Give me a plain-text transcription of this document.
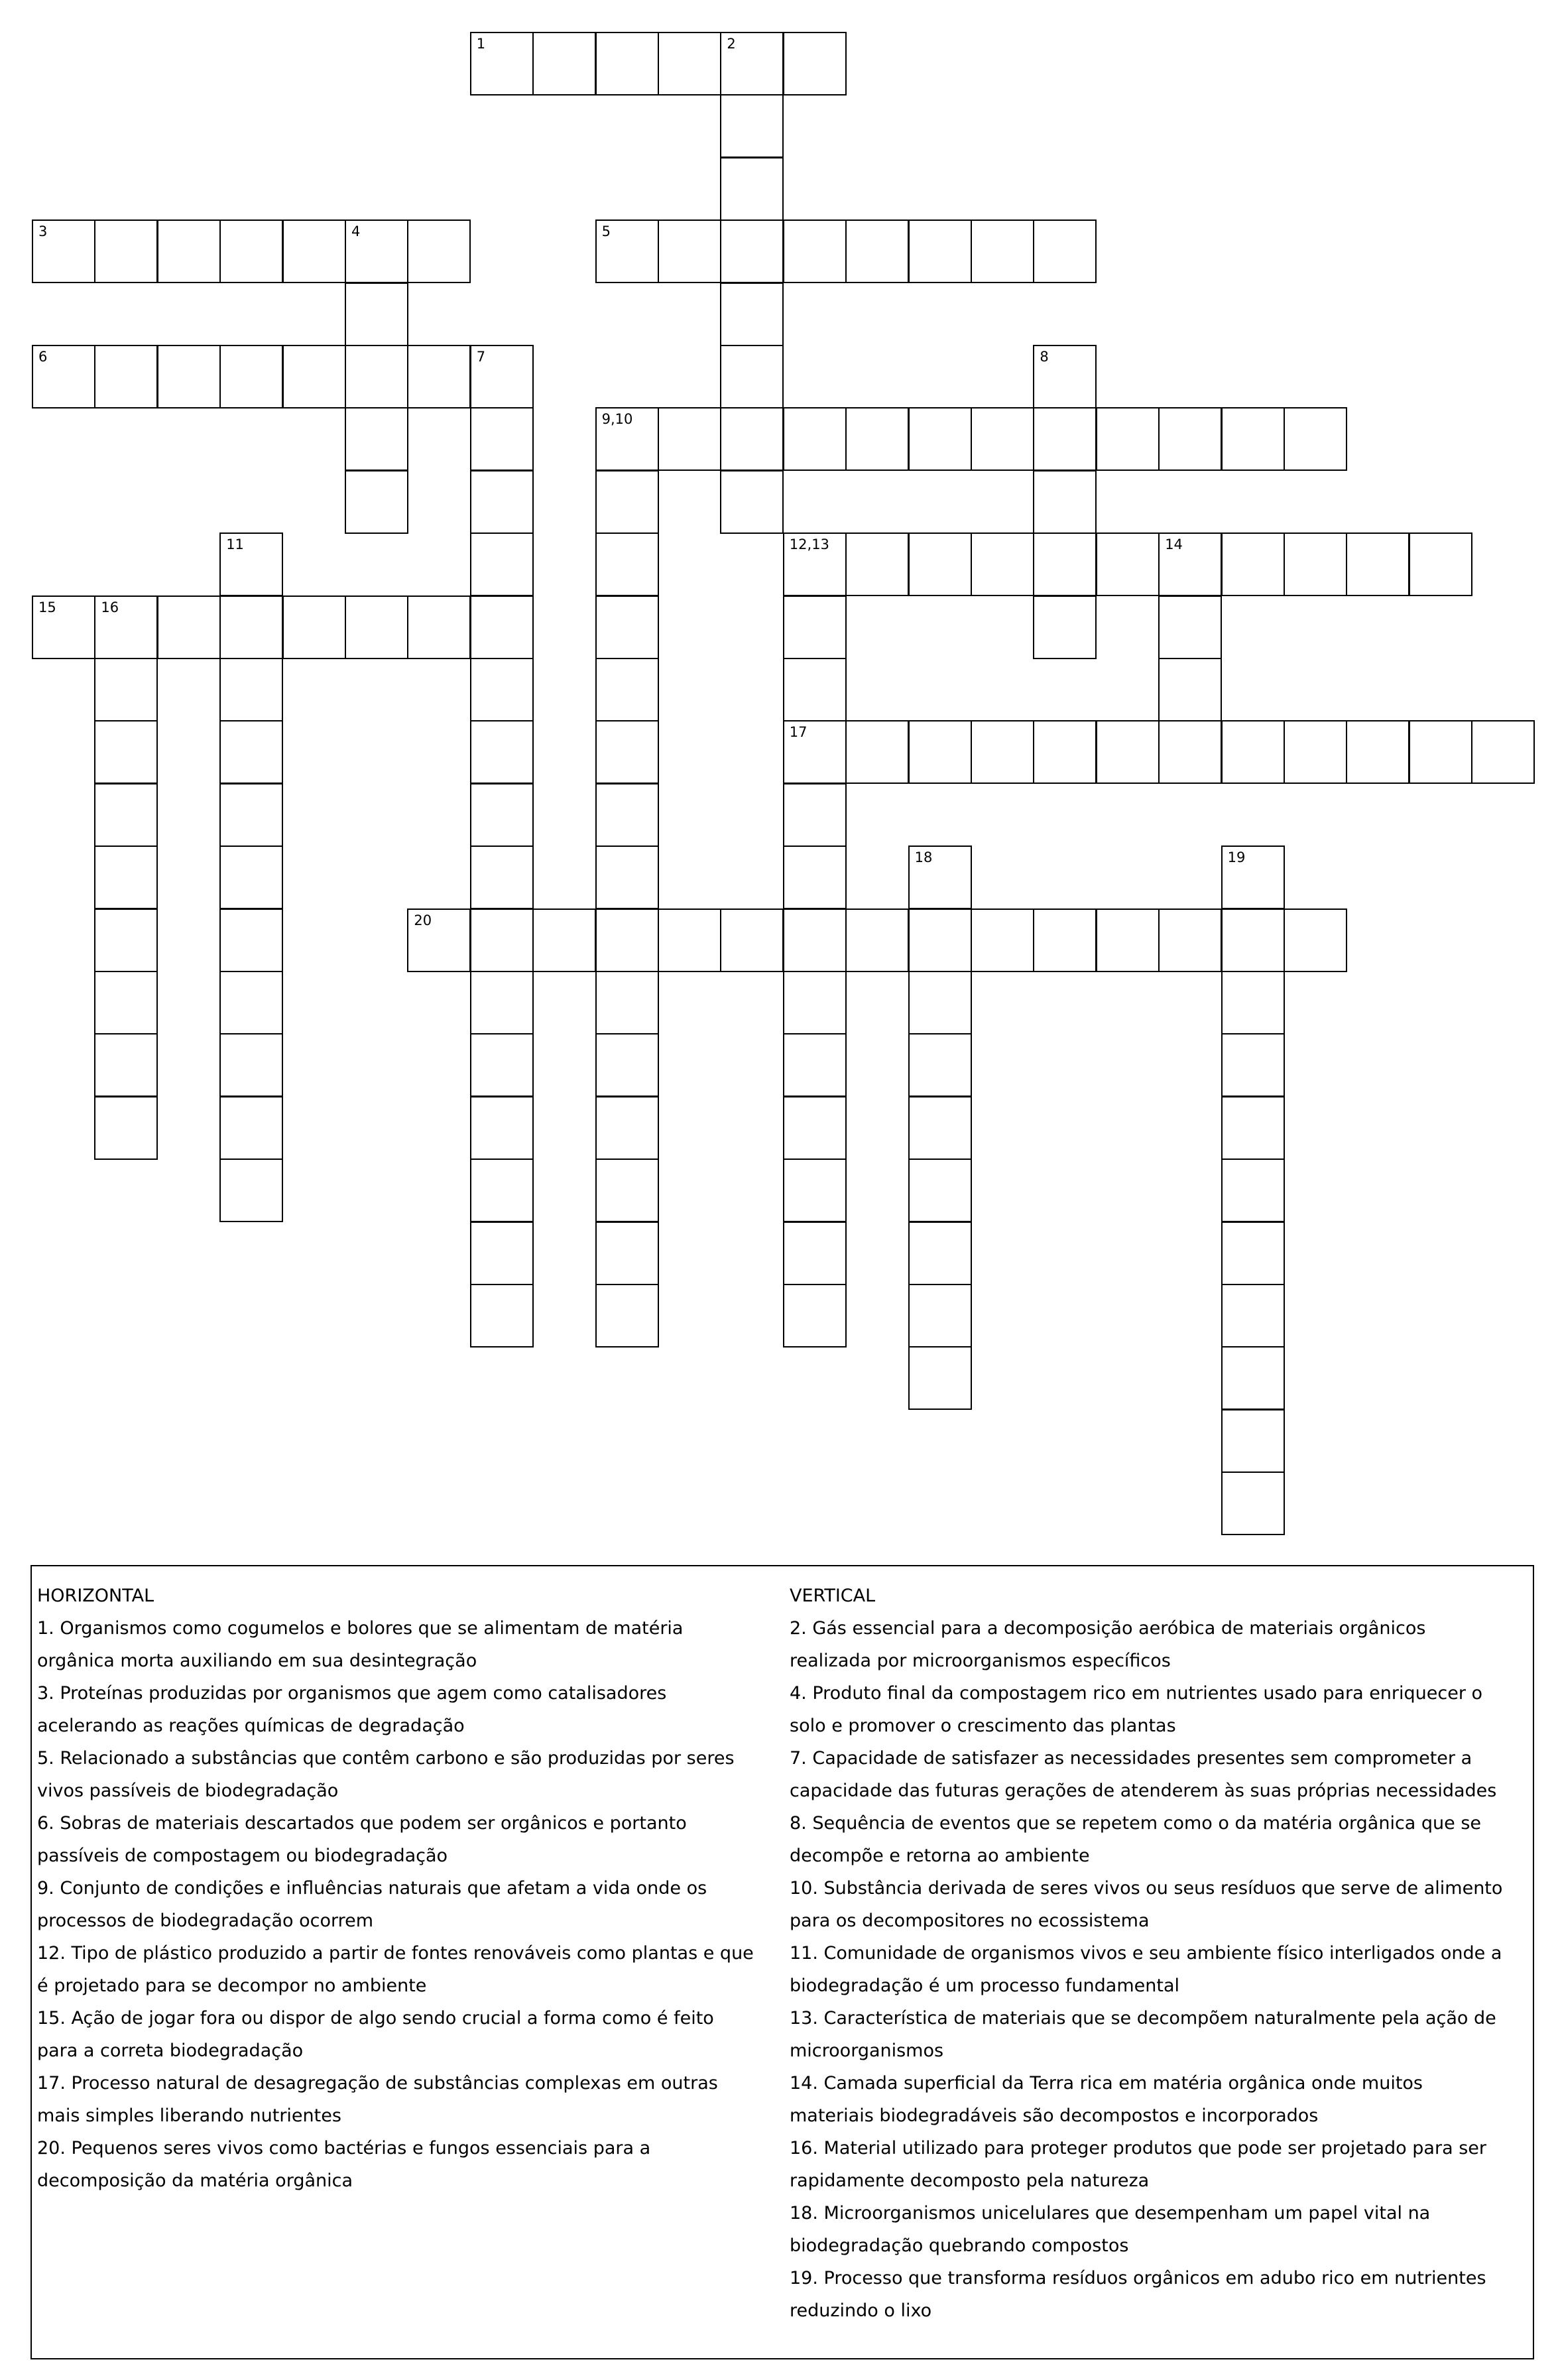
1	2
3	4	5
6	7	8
9,10
11	12,13	14
15	16
17
18	19
20
HORIZONTAL
1. Organismos como cogumelos e bolores que se alimentam de matéria orgânica morta auxiliando em sua desintegração
3. Proteínas produzidas por organismos que agem como catalisadores acelerando as reações químicas de degradação
5. Relacionado a substâncias que contêm carbono e são produzidas por seres vivos passíveis de biodegradação
6. Sobras de materiais descartados que podem ser orgânicos e portanto passíveis de compostagem ou biodegradação
9. Conjunto de condições e influências naturais que afetam a vida onde os processos de biodegradação ocorrem
12. Tipo de plástico produzido a partir de fontes renováveis como plantas e que é projetado para se decompor no ambiente
15. Ação de jogar fora ou dispor de algo sendo crucial a forma como é feito para a correta biodegradação
17. Processo natural de desagregação de substâncias complexas em outras mais simples liberando nutrientes
20. Pequenos seres vivos como bactérias e fungos essenciais para a decomposição da matéria orgânica
VERTICAL
2. Gás essencial para a decomposição aeróbica de materiais orgânicos realizada por microorganismos específicos
4. Produto final da compostagem rico em nutrientes usado para enriquecer o solo e promover o crescimento das plantas
7. Capacidade de satisfazer as necessidades presentes sem comprometer a capacidade das futuras gerações de atenderem às suas próprias necessidades
8. Sequência de eventos que se repetem como o da matéria orgânica que se decompõe e retorna ao ambiente
10. Substância derivada de seres vivos ou seus resíduos que serve de alimento para os decompositores no ecossistema
11. Comunidade de organismos vivos e seu ambiente físico interligados onde a biodegradação é um processo fundamental
13. Característica de materiais que se decompõem naturalmente pela ação de microorganismos
14. Camada superficial da Terra rica em matéria orgânica onde muitos materiais biodegradáveis são decompostos e incorporados
16. Material utilizado para proteger produtos que pode ser projetado para ser rapidamente decomposto pela natureza
18. Microorganismos unicelulares que desempenham um papel vital na biodegradação quebrando compostos
19. Processo que transforma resíduos orgânicos em adubo rico em nutrientes reduzindo o lixo
